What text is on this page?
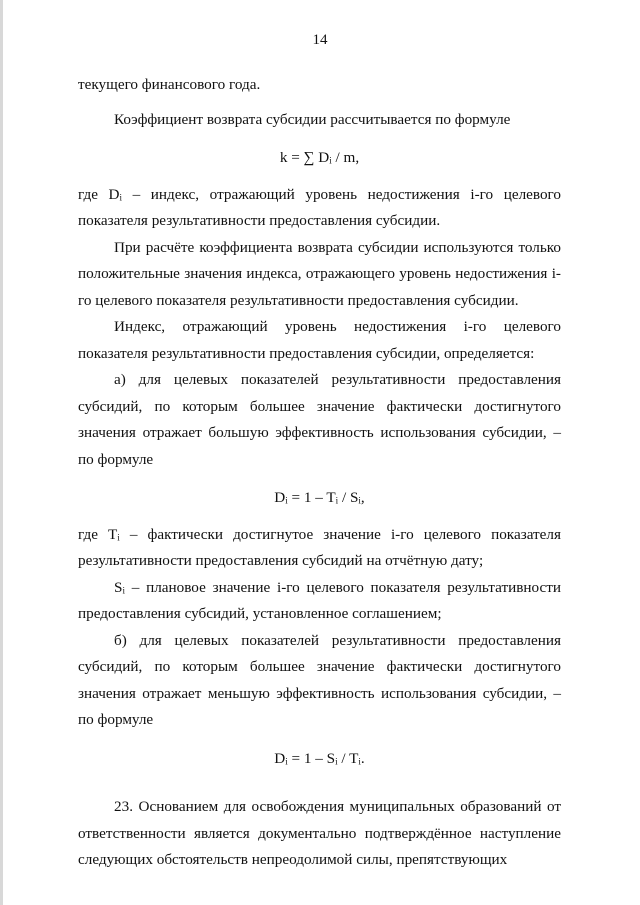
14

текущего финансового года.

Коэффициент возврата субсидии рассчитывается по формуле

k = ∑ Dᵢ / m,

где Dᵢ – индекс, отражающий уровень недостижения i-го целевого показателя результативности предоставления субсидии.

При расчёте коэффициента возврата субсидии используются только положительные значения индекса, отражающего уровень недостижения i-го целевого показателя результативности предоставления субсидии.

Индекс, отражающий уровень недостижения i-го целевого показателя результативности предоставления субсидии, определяется:

а) для целевых показателей результативности предоставления субсидий, по которым большее значение фактически достигнутого значения отражает большую эффективность использования субсидии, – по формуле

Dᵢ = 1 – Tᵢ / Sᵢ,

где Tᵢ – фактически достигнутое значение i-го целевого показателя результативности предоставления субсидий на отчётную дату;

Sᵢ – плановое значение i-го целевого показателя результативности предоставления субсидий, установленное соглашением;

б) для целевых показателей результативности предоставления субсидий, по которым большее значение фактически достигнутого значения отражает меньшую эффективность использования субсидии, – по формуле

Dᵢ = 1 – Sᵢ / Tᵢ.

23. Основанием для освобождения муниципальных образований от ответственности является документально подтверждённое наступление следующих обстоятельств непреодолимой силы, препятствующих
